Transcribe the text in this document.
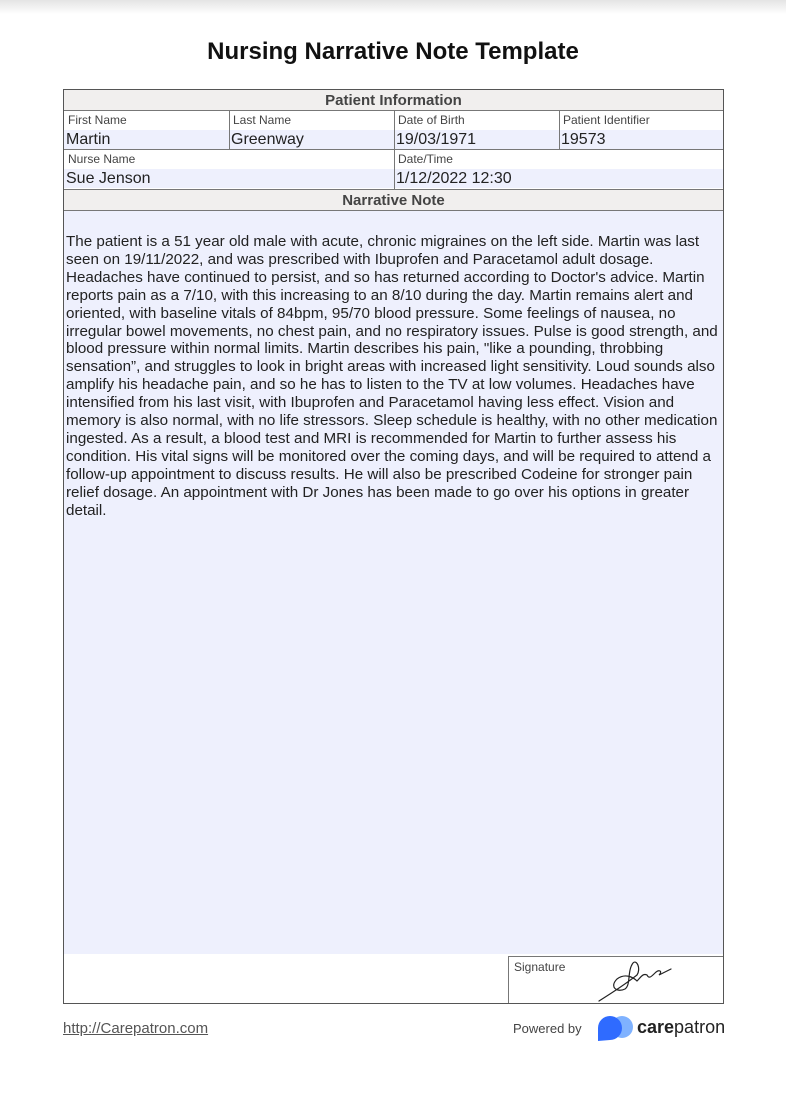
Nursing Narrative Note Template
Patient Information
First Name
Martin
Last Name
Greenway
Date of Birth
19/03/1971
Patient Identifier
19573
Nurse Name
Sue Jenson
Date/Time
1/12/2022 12:30
Narrative Note
The patient is a 51 year old male with acute, chronic migraines on the left side. Martin was last seen on 19/11/2022, and was prescribed with Ibuprofen and Paracetamol adult dosage. Headaches have continued to persist, and so has returned according to Doctor's advice. Martin reports pain as a 7/10, with this increasing to an 8/10 during the day. Martin remains alert and oriented, with baseline vitals of 84bpm, 95/70 blood pressure. Some feelings of nausea, no irregular bowel movements, no chest pain, and no respiratory issues. Pulse is good strength, and blood pressure within normal limits. Martin describes his pain, "like a pounding, throbbing sensation”, and struggles to look in bright areas with increased light sensitivity. Loud sounds also amplify his headache pain, and so he has to listen to the TV at low volumes. Headaches have intensified from his last visit, with Ibuprofen and Paracetamol having less effect. Vision and memory is also normal, with no life stressors. Sleep schedule is healthy, with no other medication ingested. As a result, a blood test and MRI is recommended for Martin to further assess his condition. His vital signs will be monitored over the coming days, and will be required to attend a follow-up appointment to discuss results. He will also be prescribed Codeine for stronger pain relief dosage. An appointment with Dr Jones has been made to go over his options in greater detail.
Signature
http://Carepatron.com	Powered by	carepatron
